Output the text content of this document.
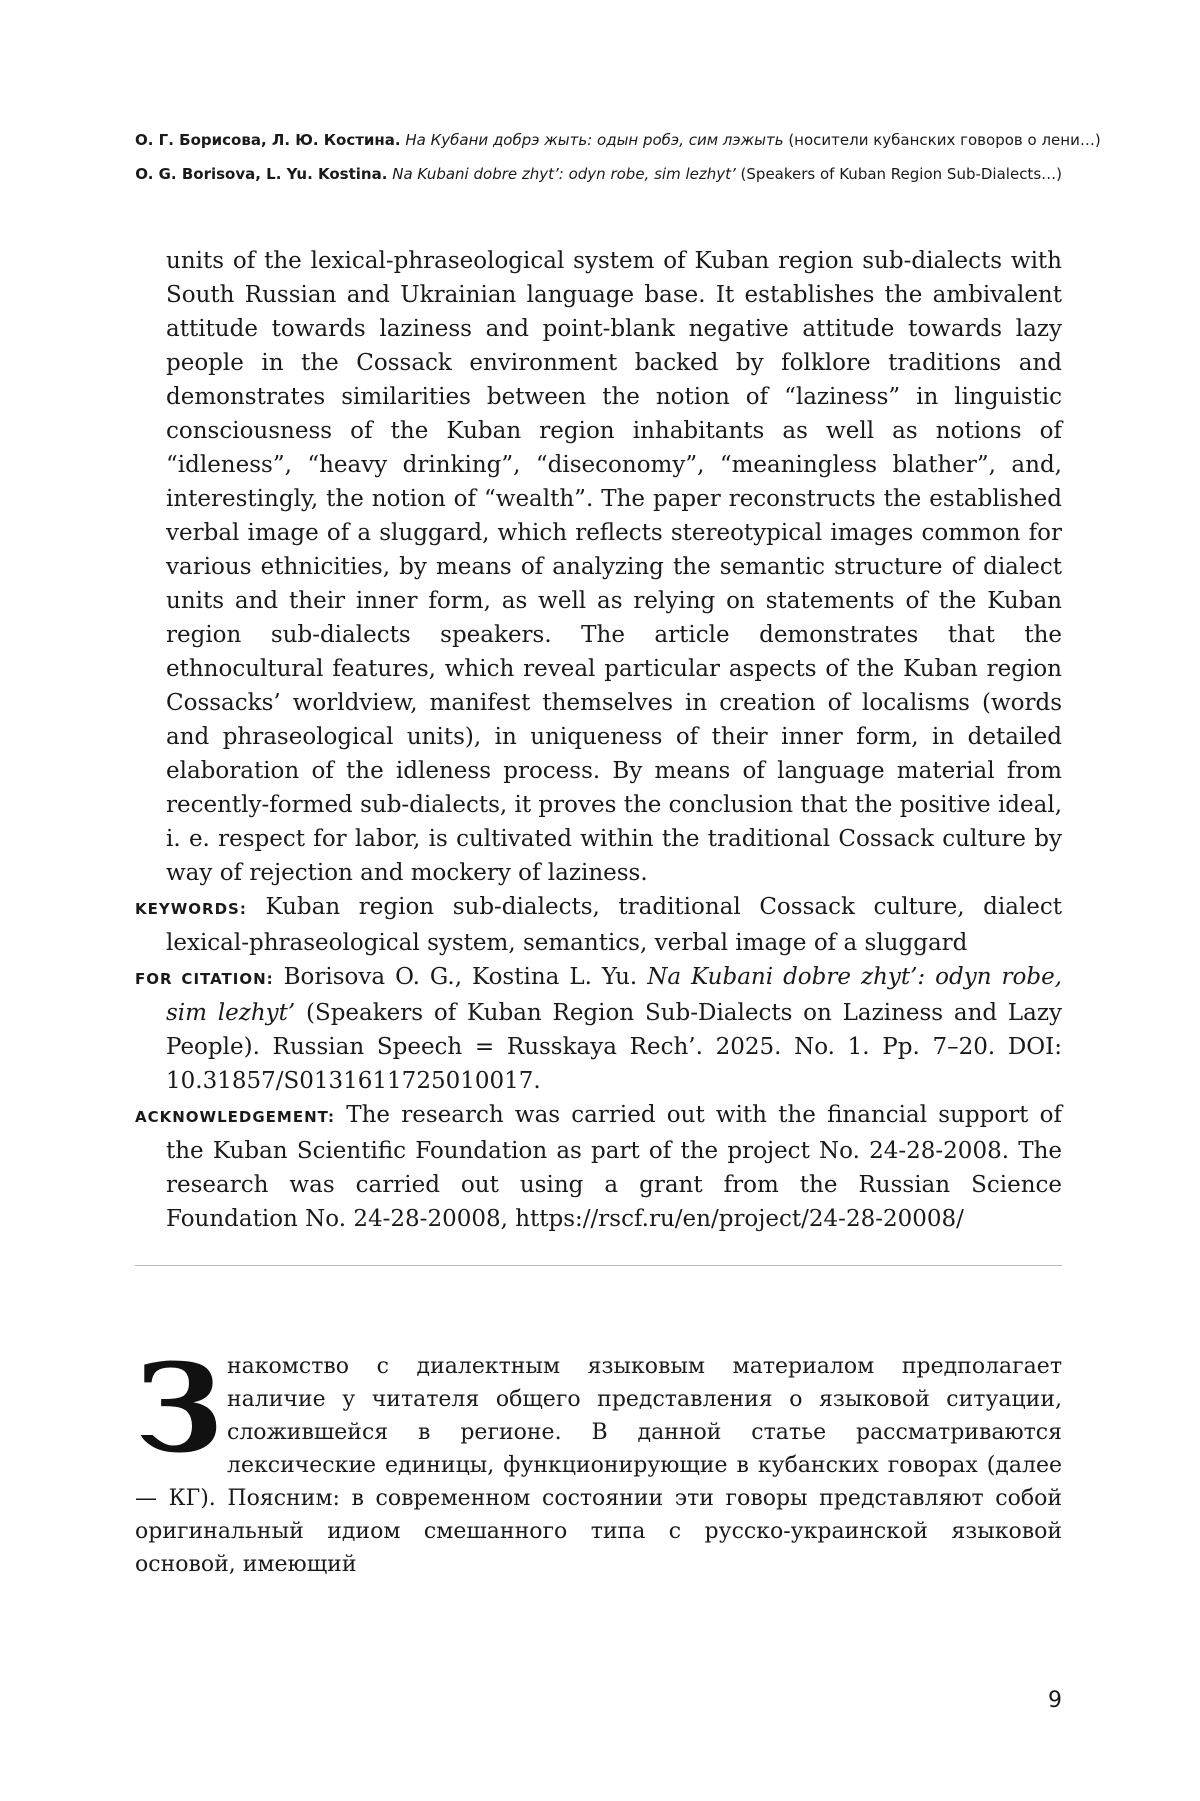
О. Г. Борисова, Л. Ю. Костина. На Кубани добрэ жыть: одын робэ, сим лэжыть (носители кубанских говоров о лени…)
O. G. Borisova, L. Yu. Kostina. Na Kubani dobre zhyt’: odyn robe, sim lezhyt’ (Speakers of Kuban Region Sub-Dialects…)

units of the lexical-phraseological system of Kuban region sub-dialects with South Russian and Ukrainian language base. It establishes the ambivalent attitude towards laziness and point-blank negative attitude towards lazy people in the Cossack environment backed by folklore traditions and demonstrates similarities between the notion of “laziness” in linguistic consciousness of the Kuban region inhabitants as well as notions of “idleness”, “heavy drinking”, “diseconomy”, “meaningless blather”, and, interestingly, the notion of “wealth”. The paper reconstructs the established verbal image of a sluggard, which reflects stereotypical images common for various ethnicities, by means of analyzing the semantic structure of dialect units and their inner form, as well as relying on statements of the Kuban region sub-dialects speakers. The article demonstrates that the ethnocultural features, which reveal particular aspects of the Kuban region Cossacks’ worldview, manifest themselves in creation of localisms (words and phraseological units), in uniqueness of their inner form, in detailed elaboration of the idleness process. By means of language material from recently-formed sub-dialects, it proves the conclusion that the positive ideal, i. e. respect for labor, is cultivated within the traditional Cossack culture by way of rejection and mockery of laziness.

KEYWORDS: Kuban region sub-dialects, traditional Cossack culture, dialect lexical-phraseological system, semantics, verbal image of a sluggard

FOR CITATION: Borisova O. G., Kostina L. Yu. Na Kubani dobre zhyt’: odyn robe, sim lezhyt’ (Speakers of Kuban Region Sub-Dialects on Laziness and Lazy People). Russian Speech = Russkaya Rech’. 2025. No. 1. Pp. 7–20. DOI: 10.31857/S0131611725010017.

ACKNOWLEDGEMENT: The research was carried out with the financial support of the Kuban Scientific Foundation as part of the project No. 24-28-2008. The research was carried out using a grant from the Russian Science Foundation No. 24-28-20008, https://rscf.ru/en/project/24-28-20008/

Знакомство с диалектным языковым материалом предполагает наличие у читателя общего представления о языковой ситуации, сложившейся в регионе. В данной статье рассматриваются лексические единицы, функционирующие в кубанских говорах (далее — КГ). Поясним: в современном состоянии эти говоры представляют собой оригинальный идиом смешанного типа с русско-украинской языковой основой, имеющий

9
